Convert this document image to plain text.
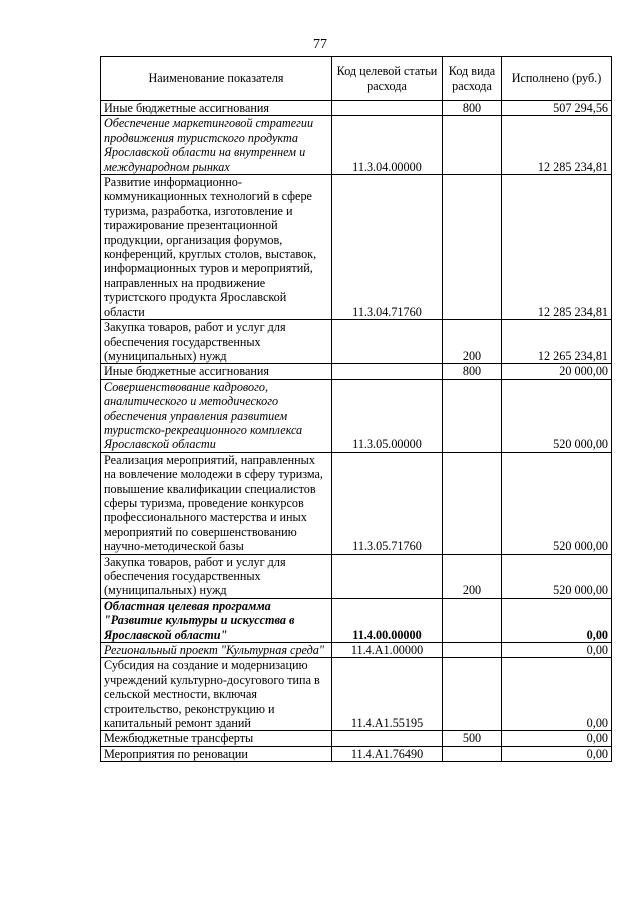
77
Наименование показателя	Код целевой статьи расхода	Код вида расхода	Исполнено (руб.)
Иные бюджетные ассигнования		800	507 294,56
Обеспечение маркетинговой стратегии продвижения туристского продукта Ярославской области на внутреннем и международном рынках	11.3.04.00000		12 285 234,81
Развитие информационно-коммуникационных технологий в сфере туризма, разработка, изготовление и тиражирование презентационной продукции, организация форумов, конференций, круглых столов, выставок, информационных туров и мероприятий, направленных на продвижение туристского продукта Ярославской области	11.3.04.71760		12 285 234,81
Закупка товаров, работ и услуг для обеспечения государственных (муниципальных) нужд		200	12 265 234,81
Иные бюджетные ассигнования		800	20 000,00
Совершенствование кадрового, аналитического и методического обеспечения управления развитием туристско-рекреационного комплекса Ярославской области	11.3.05.00000		520 000,00
Реализация мероприятий, направленных на вовлечение молодежи в сферу туризма, повышение квалификации специалистов сферы туризма, проведение конкурсов профессионального мастерства и иных мероприятий по совершенствованию научно-методической базы	11.3.05.71760		520 000,00
Закупка товаров, работ и услуг для обеспечения государственных (муниципальных) нужд		200	520 000,00
Областная целевая программа "Развитие культуры и искусства в Ярославской области"	11.4.00.00000		0,00
Региональный проект "Культурная среда"	11.4.A1.00000		0,00
Субсидия на создание и модернизацию учреждений культурно-досугового типа в сельской местности, включая строительство, реконструкцию и капитальный ремонт зданий	11.4.A1.55195		0,00
Межбюджетные трансферты		500	0,00
Мероприятия по реновации	11.4.A1.76490		0,00
